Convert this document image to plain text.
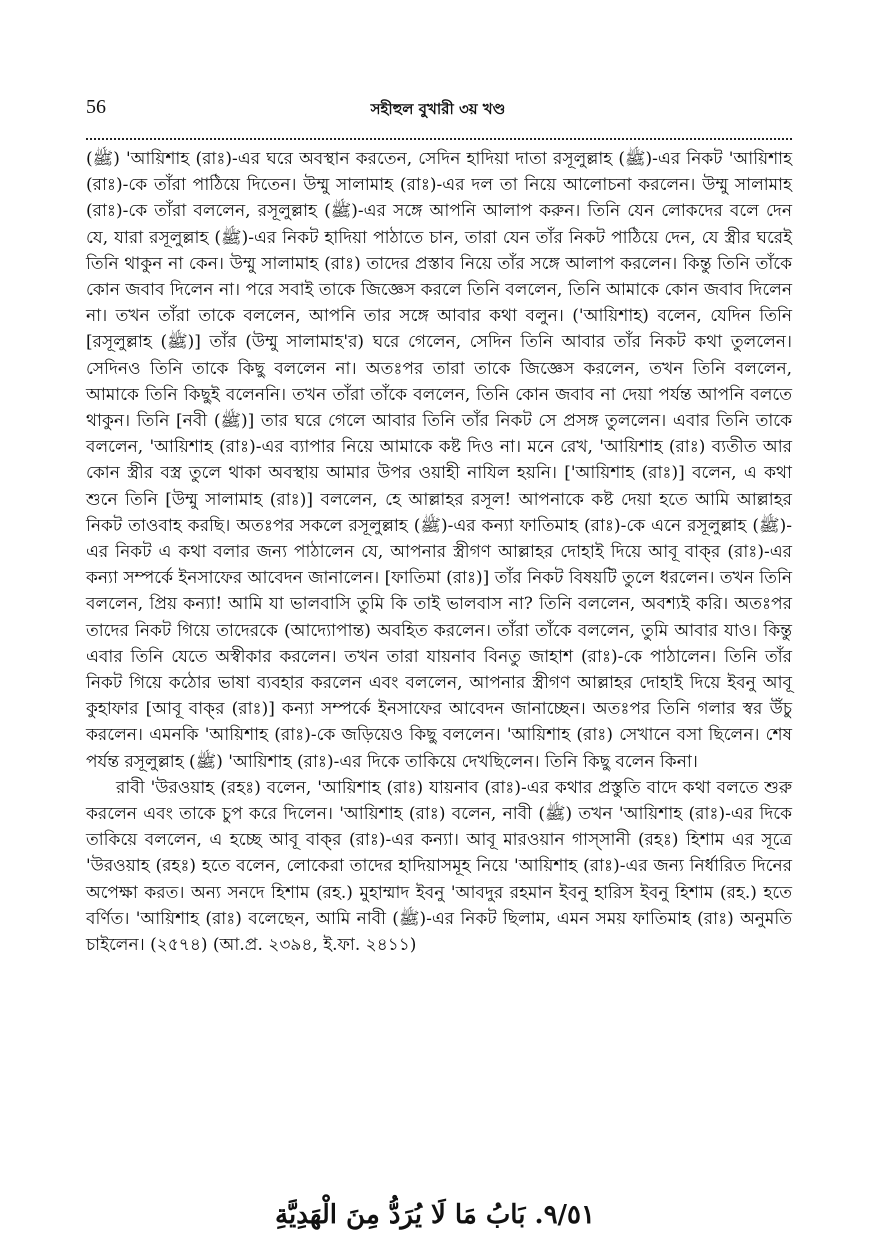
56	সহীহুল বুখারী ৩য় খণ্ড

(ﷺ) 'আয়িশাহ (রাঃ)-এর ঘরে অবস্থান করতেন, সেদিন হাদিয়া দাতা রসূলুল্লাহ (ﷺ)-এর নিকট 'আয়িশাহ (রাঃ)-কে তাঁরা পাঠিয়ে দিতেন। উম্মু সালামাহ (রাঃ)-এর দল তা নিয়ে আলোচনা করলেন। উম্মু সালামাহ (রাঃ)-কে তাঁরা বললেন, রসূলুল্লাহ (ﷺ)-এর সঙ্গে আপনি আলাপ করুন। তিনি যেন লোকদের বলে দেন যে, যারা রসূলুল্লাহ (ﷺ)-এর নিকট হাদিয়া পাঠাতে চান, তারা যেন তাঁর নিকট পাঠিয়ে দেন, যে স্ত্রীর ঘরেই তিনি থাকুন না কেন। উম্মু সালামাহ (রাঃ) তাদের প্রস্তাব নিয়ে তাঁর সঙ্গে আলাপ করলেন। কিন্তু তিনি তাঁকে কোন জবাব দিলেন না। পরে সবাই তাকে জিজ্ঞেস করলে তিনি বললেন, তিনি আমাকে কোন জবাব দিলেন না। তখন তাঁরা তাকে বললেন, আপনি তার সঙ্গে আবার কথা বলুন। ('আয়িশাহ) বলেন, যেদিন তিনি [রসূলুল্লাহ (ﷺ)] তাঁর (উম্মু সালামাহ'র) ঘরে গেলেন, সেদিন তিনি আবার তাঁর নিকট কথা তুললেন। সেদিনও তিনি তাকে কিছু বললেন না। অতঃপর তারা তাকে জিজ্ঞেস করলেন, তখন তিনি বললেন, আমাকে তিনি কিছুই বলেননি। তখন তাঁরা তাঁকে বললেন, তিনি কোন জবাব না দেয়া পর্যন্ত আপনি বলতে থাকুন। তিনি [নবী (ﷺ)] তার ঘরে গেলে আবার তিনি তাঁর নিকট সে প্রসঙ্গ তুললেন। এবার তিনি তাকে বললেন, 'আয়িশাহ (রাঃ)-এর ব্যাপার নিয়ে আমাকে কষ্ট দিও না। মনে রেখ, 'আয়িশাহ (রাঃ) ব্যতীত আর কোন স্ত্রীর বস্ত্র তুলে থাকা অবস্থায় আমার উপর ওয়াহী নাযিল হয়নি। ['আয়িশাহ (রাঃ)] বলেন, এ কথা শুনে তিনি [উম্মু সালামাহ (রাঃ)] বললেন, হে আল্লাহর রসূল! আপনাকে কষ্ট দেয়া হতে আমি আল্লাহর নিকট তাওবাহ করছি। অতঃপর সকলে রসূলুল্লাহ (ﷺ)-এর কন্যা ফাতিমাহ (রাঃ)-কে এনে রসূলুল্লাহ (ﷺ)-এর নিকট এ কথা বলার জন্য পাঠালেন যে, আপনার স্ত্রীগণ আল্লাহর দোহাই দিয়ে আবূ বাক্‌র (রাঃ)-এর কন্যা সম্পর্কে ইনসাফের আবেদন জানালেন। [ফাতিমা (রাঃ)] তাঁর নিকট বিষয়টি তুলে ধরলেন। তখন তিনি বললেন, প্রিয় কন্যা! আমি যা ভালবাসি তুমি কি তাই ভালবাস না? তিনি বললেন, অবশ্যই করি। অতঃপর তাদের নিকট গিয়ে তাদেরকে (আদ্যোপান্ত) অবহিত করলেন। তাঁরা তাঁকে বললেন, তুমি আবার যাও। কিন্তু এবার তিনি যেতে অস্বীকার করলেন। তখন তারা যায়নাব বিনতু জাহাশ (রাঃ)-কে পাঠালেন। তিনি তাঁর নিকট গিয়ে কঠোর ভাষা ব্যবহার করলেন এবং বললেন, আপনার স্ত্রীগণ আল্লাহর দোহাই দিয়ে ইবনু আবূ কুহাফার [আবূ বাক্‌র (রাঃ)] কন্যা সম্পর্কে ইনসাফের আবেদন জানাচ্ছেন। অতঃপর তিনি গলার স্বর উঁচু করলেন। এমনকি 'আয়িশাহ (রাঃ)-কে জড়িয়েও কিছু বললেন। 'আয়িশাহ (রাঃ) সেখানে বসা ছিলেন। শেষ পর্যন্ত রসূলুল্লাহ (ﷺ) 'আয়িশাহ (রাঃ)-এর দিকে তাকিয়ে দেখছিলেন। তিনি কিছু বলেন কিনা।

রাবী 'উরওয়াহ (রহঃ) বলেন, 'আয়িশাহ (রাঃ) যায়নাব (রাঃ)-এর কথার প্রস্তুতি বাদে কথা বলতে শুরু করলেন এবং তাকে চুপ করে দিলেন। 'আয়িশাহ (রাঃ) বলেন, নাবী (ﷺ) তখন 'আয়িশাহ (রাঃ)-এর দিকে তাকিয়ে বললেন, এ হচ্ছে আবূ বাক্‌র (রাঃ)-এর কন্যা। আবূ মারওয়ান গাস্‌সানী (রহঃ) হিশাম এর সূত্রে 'উরওয়াহ (রহঃ) হতে বলেন, লোকেরা তাদের হাদিয়াসমূহ নিয়ে 'আয়িশাহ (রাঃ)-এর জন্য নির্ধারিত দিনের অপেক্ষা করত। অন্য সনদে হিশাম (রহ.) মুহাম্মাদ ইবনু 'আবদুর রহমান ইবনু হারিস ইবনু হিশাম (রহ.) হতে বর্ণিত। 'আয়িশাহ (রাঃ) বলেছেন, আমি নাবী (ﷺ)-এর নিকট ছিলাম, এমন সময় ফাতিমাহ (রাঃ) অনুমতি চাইলেন। (২৫৭৪) (আ.প্র. ২৩৯৪, ই.ফা. ২৪১১)

٩/٥١. بَابُ مَا لَا يُرَدُّ مِنَ الْهَدِيَّةِ
